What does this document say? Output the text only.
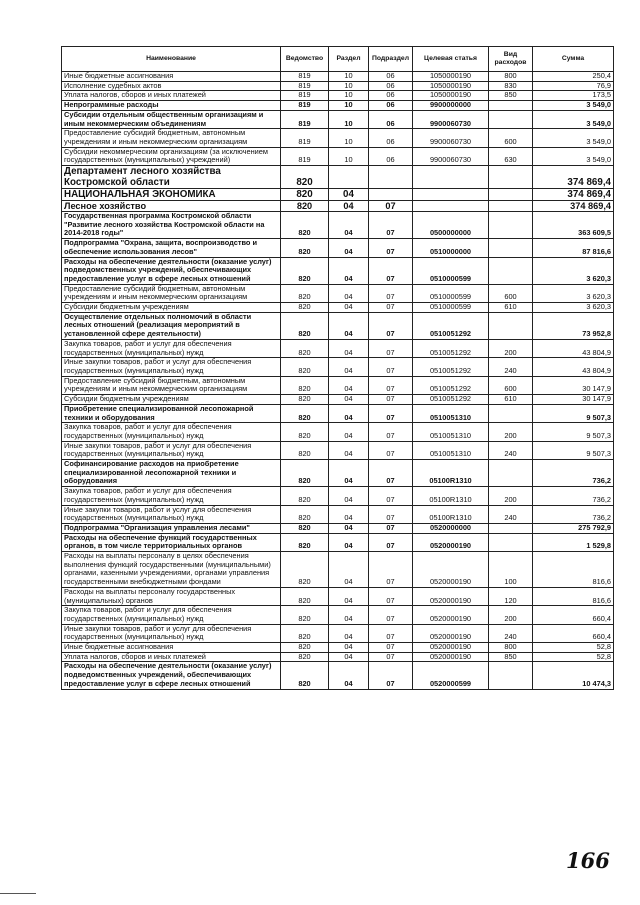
Наименование	Ведомство	Раздел	Подраздел	Целевая статья	Вид расходов	Сумма
Иные бюджетные ассигнования	819	10	06	1050000190	800	250,4
Исполнение судебных актов	819	10	06	1050000190	830	76,9
Уплата налогов, сборов и иных платежей	819	10	06	1050000190	850	173,5
Непрограммные расходы	819	10	06	9900000000		3 549,0
Субсидии отдельным общественным организациям и иным некоммерческим объединениям	819	10	06	9900060730		3 549,0
Предоставление субсидий бюджетным, автономным учреждениям и иным некоммерческим организациям	819	10	06	9900060730	600	3 549,0
Субсидии некоммерческим организациям (за исключением государственных (муниципальных) учреждений)	819	10	06	9900060730	630	3 549,0
Департамент лесного хозяйства Костромской области	820					374 869,4
НАЦИОНАЛЬНАЯ ЭКОНОМИКА	820	04				374 869,4
Лесное хозяйство	820	04	07			374 869,4
Государственная программа Костромской области "Развитие лесного хозяйства Костромской области на 2014-2018 годы"	820	04	07	0500000000		363 609,5
Подпрограмма "Охрана, защита, воспроизводство и обеспечение использования лесов"	820	04	07	0510000000		87 816,6
Расходы на обеспечение деятельности (оказание услуг) подведомственных учреждений, обеспечивающих предоставление услуг в сфере лесных отношений	820	04	07	0510000599		3 620,3
Предоставление субсидий бюджетным, автономным учреждениям и иным некоммерческим организациям	820	04	07	0510000599	600	3 620,3
Субсидии бюджетным учреждениям	820	04	07	0510000599	610	3 620,3
Осуществление отдельных полномочий в области лесных отношений (реализация мероприятий в установленной сфере деятельности)	820	04	07	0510051292		73 952,8
Закупка товаров, работ и услуг для обеспечения государственных (муниципальных) нужд	820	04	07	0510051292	200	43 804,9
Иные закупки товаров, работ и услуг для обеспечения государственных (муниципальных) нужд	820	04	07	0510051292	240	43 804,9
Предоставление субсидий бюджетным, автономным учреждениям и иным некоммерческим организациям	820	04	07	0510051292	600	30 147,9
Субсидии бюджетным учреждениям	820	04	07	0510051292	610	30 147,9
Приобретение специализированной лесопожарной техники и оборудования	820	04	07	0510051310		9 507,3
Закупка товаров, работ и услуг для обеспечения государственных (муниципальных) нужд	820	04	07	0510051310	200	9 507,3
Иные закупки товаров, работ и услуг для обеспечения государственных (муниципальных) нужд	820	04	07	0510051310	240	9 507,3
Софинансирование расходов на приобретение специализированной лесопожарной техники и оборудования	820	04	07	05100R1310		736,2
Закупка товаров, работ и услуг для обеспечения государственных (муниципальных) нужд	820	04	07	05100R1310	200	736,2
Иные закупки товаров, работ и услуг для обеспечения государственных (муниципальных) нужд	820	04	07	05100R1310	240	736,2
Подпрограмма "Организация управления лесами"	820	04	07	0520000000		275 792,9
Расходы на обеспечение функций государственных органов, в том числе территориальных органов	820	04	07	0520000190		1 529,8
Расходы на выплаты персоналу в целях обеспечения выполнения функций государственными (муниципальными) органами, казенными учреждениями, органами управления государственными внебюджетными фондами	820	04	07	0520000190	100	816,6
Расходы на выплаты персоналу государственных (муниципальных) органов	820	04	07	0520000190	120	816,6
Закупка товаров, работ и услуг для обеспечения государственных (муниципальных) нужд	820	04	07	0520000190	200	660,4
Иные закупки товаров, работ и услуг для обеспечения государственных (муниципальных) нужд	820	04	07	0520000190	240	660,4
Иные бюджетные ассигнования	820	04	07	0520000190	800	52,8
Уплата налогов, сборов и иных платежей	820	04	07	0520000190	850	52,8
Расходы на обеспечение деятельности (оказание услуг) подведомственных учреждений, обеспечивающих предоставление услуг в сфере лесных отношений	820	04	07	0520000599		10 474,3
166
